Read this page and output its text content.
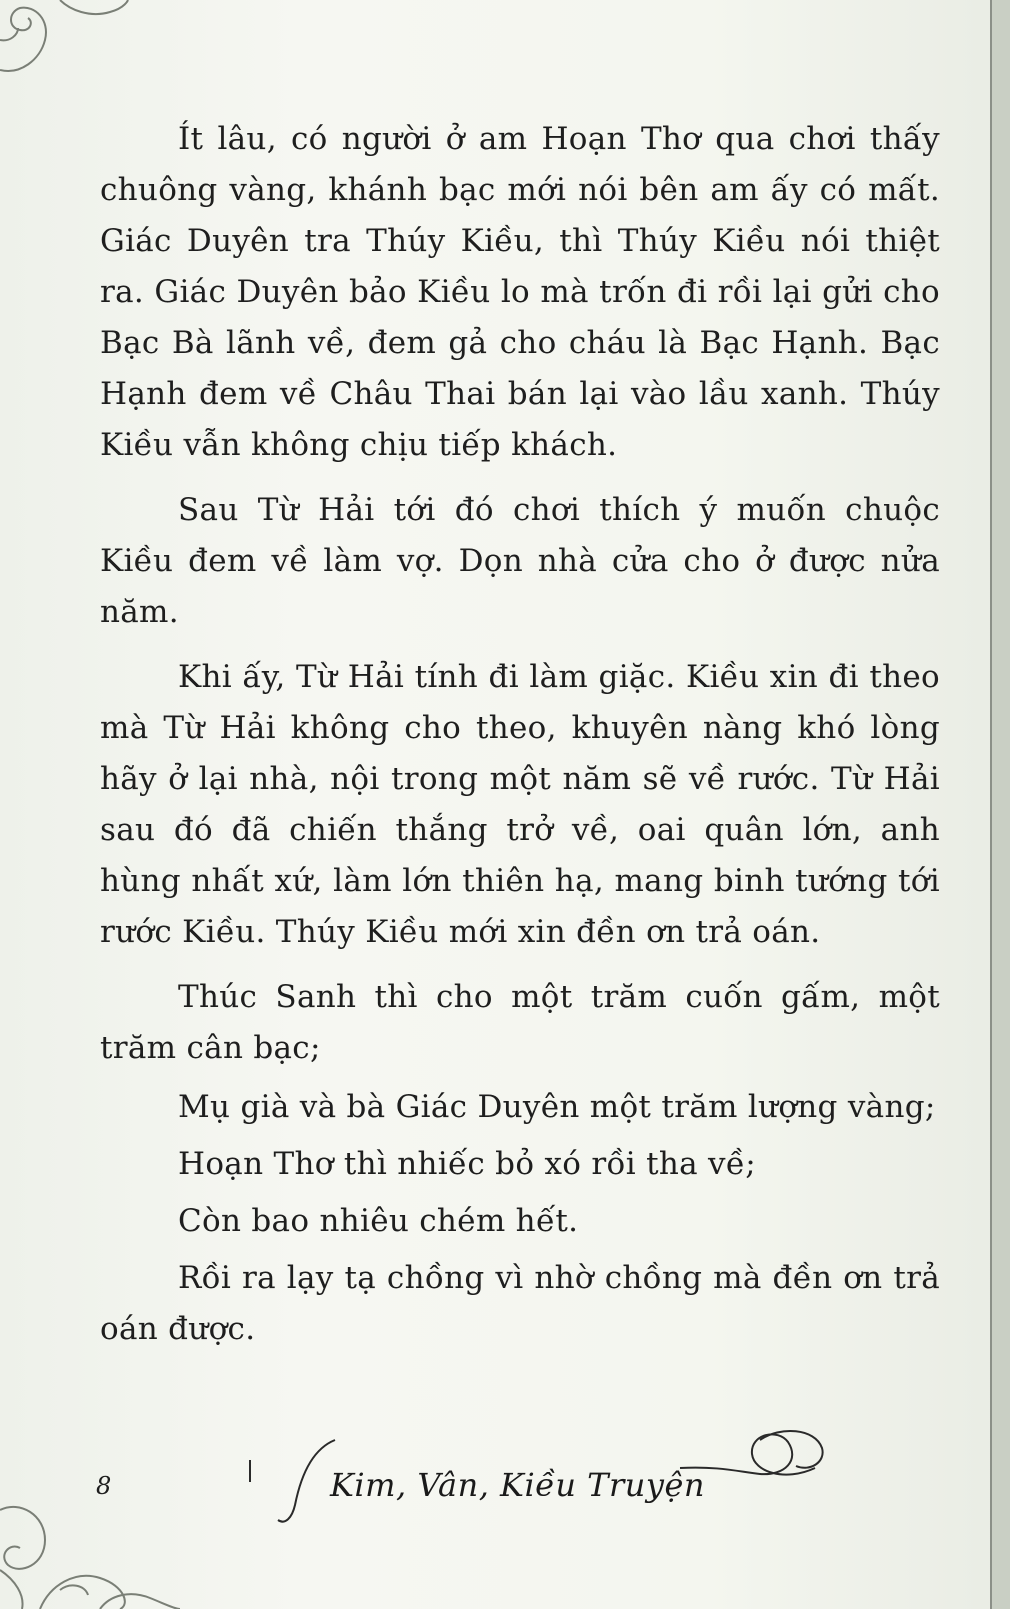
Ít lâu, có người ở am Hoạn Thơ qua chơi thấy chuông vàng, khánh bạc mới nói bên am ấy có mất. Giác Duyên tra Thúy Kiều, thì Thúy Kiều nói thiệt ra. Giác Duyên bảo Kiều lo mà trốn đi rồi lại gửi cho Bạc Bà lãnh về, đem gả cho cháu là Bạc Hạnh. Bạc Hạnh đem về Châu Thai bán lại vào lầu xanh. Thúy Kiều vẫn không chịu tiếp khách.

Sau Từ Hải tới đó chơi thích ý muốn chuộc Kiều đem về làm vợ. Dọn nhà cửa cho ở được nửa năm.

Khi ấy, Từ Hải tính đi làm giặc. Kiều xin đi theo mà Từ Hải không cho theo, khuyên nàng khó lòng hãy ở lại nhà, nội trong một năm sẽ về rước. Từ Hải sau đó đã chiến thắng trở về, oai quân lớn, anh hùng nhất xứ, làm lớn thiên hạ, mang binh tướng tới rước Kiều. Thúy Kiều mới xin đền ơn trả oán.

Thúc Sanh thì cho một trăm cuốn gấm, một trăm cân bạc;

Mụ già và bà Giác Duyên một trăm lượng vàng;

Hoạn Thơ thì nhiếc bỏ xó rồi tha về;

Còn bao nhiêu chém hết.

Rồi ra lạy tạ chồng vì nhờ chồng mà đền ơn trả oán được.

8	Kim, Vân, Kiều Truyện
